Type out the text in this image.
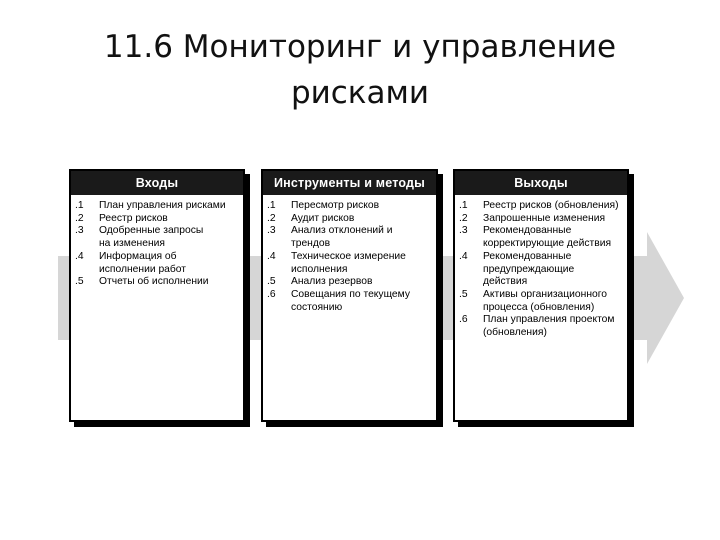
11.6 Мониторинг и управление
рисками
Входы
.1	План управления рисками
.2	Реестр рисков
.3	Одобренные запросы
на изменения
.4	Информация об
исполнении работ
.5	Отчеты об исполнении
Инструменты и методы
.1	Пересмотр рисков
.2	Аудит рисков
.3	Анализ отклонений и
трендов
.4	Техническое измерение
исполнения
.5	Анализ резервов
.6	Совещания по текущему
состоянию
Выходы
.1	Реестр рисков (обновления)
.2	Запрошенные изменения
.3	Рекомендованные
корректирующие действия
.4	Рекомендованные
предупреждающие
действия
.5	Активы организационного
процесса (обновления)
.6	План управления проектом
(обновления)
